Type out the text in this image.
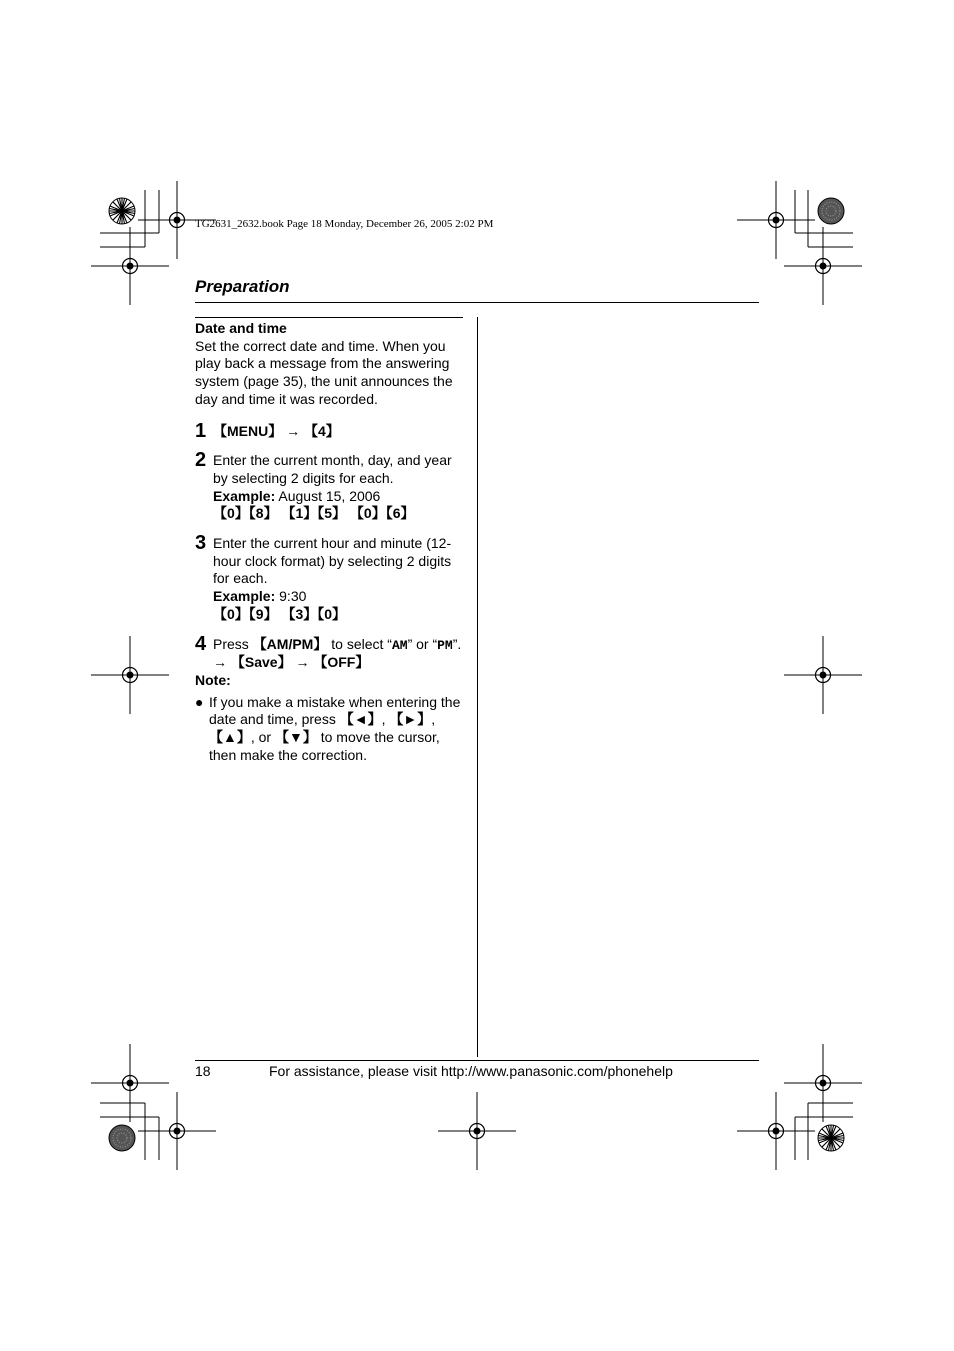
TG2631_2632.book Page 18 Monday, December 26, 2005 2:02 PM
Preparation

Date and time

Set the correct date and time. When you play back a message from the answering system (page 35), the unit announces the day and time it was recorded.

1 【MENU】 → 【4】

2 Enter the current month, day, and year by selecting 2 digits for each.

Example: August 15, 2006

【0】【8】 【1】【5】 【0】【6】

3 Enter the current hour and minute (12-hour clock format) by selecting 2 digits for each.

Example: 9:30

【0】【9】 【3】【0】

4 Press 【AM/PM】 to select “AM” or “PM”.

→ 【Save】 → 【OFF】

Note:

● If you make a mistake when entering the date and time, press 【◄】, 【►】, 【▲】, or 【▼】 to move the cursor, then make the correction.

18	For assistance, please visit http://www.panasonic.com/phonehelp
